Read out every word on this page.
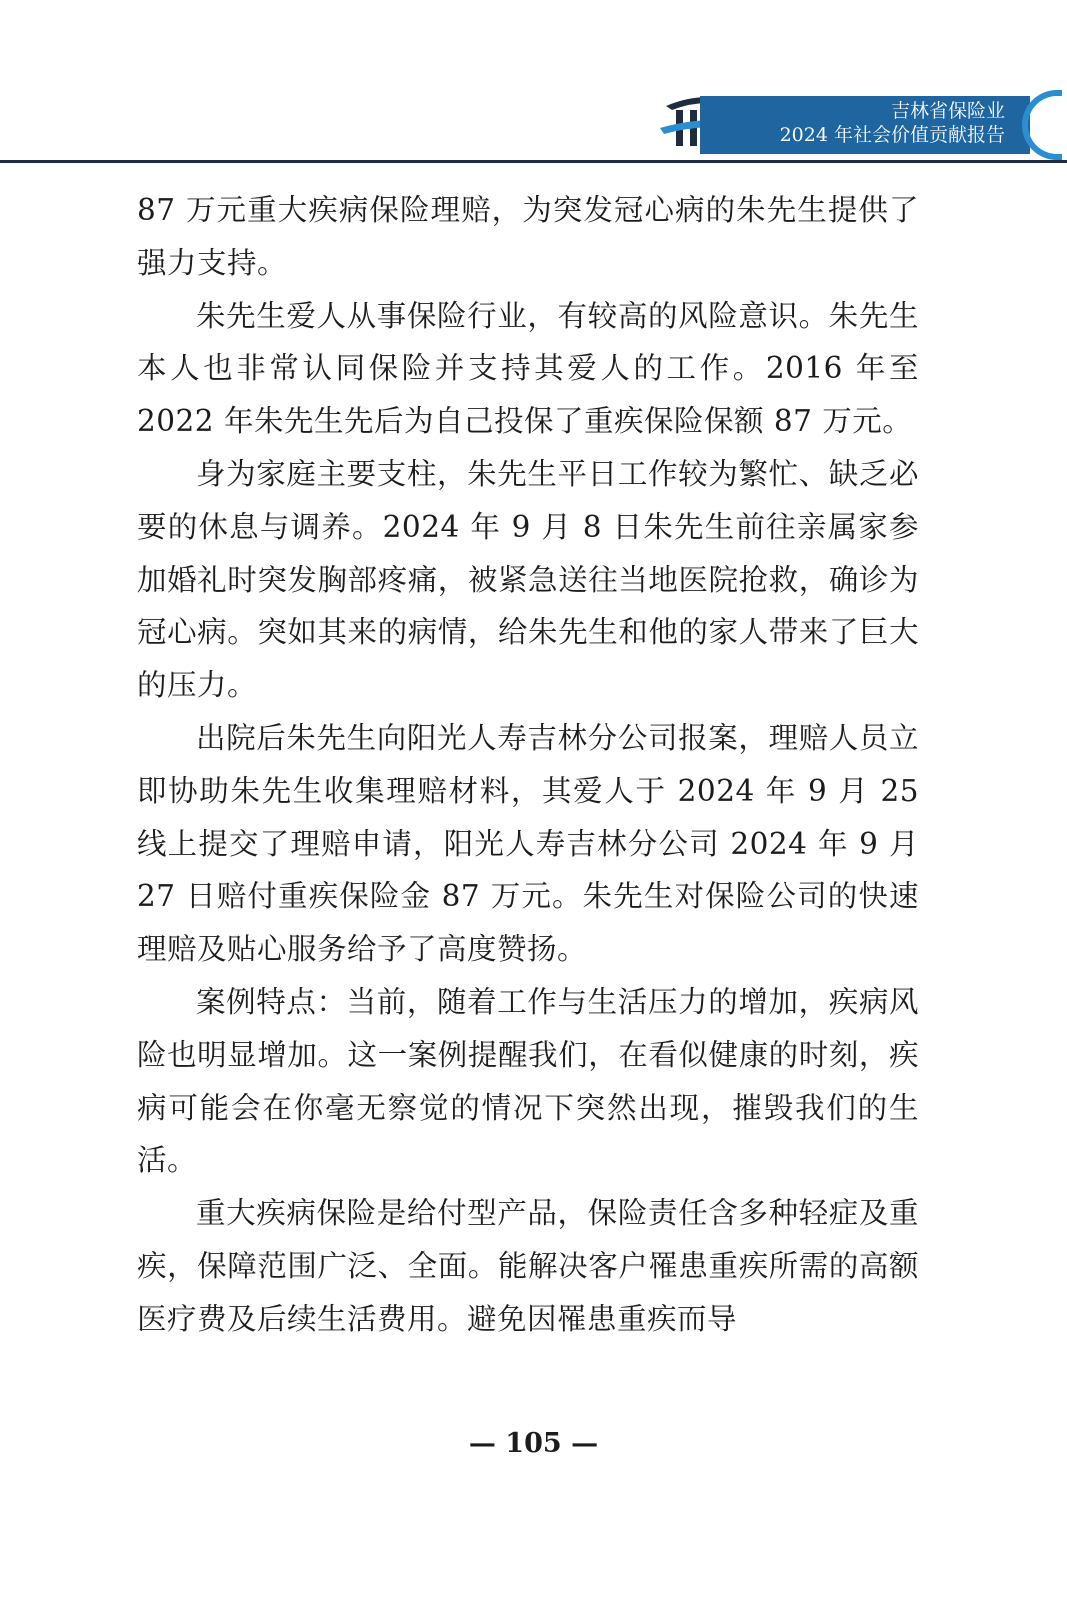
吉林省保险业
2024 年社会价值贡献报告

87 万元重大疾病保险理赔，为突发冠心病的朱先生提供了强力支持。

朱先生爱人从事保险行业，有较高的风险意识。朱先生本人也非常认同保险并支持其爱人的工作。2016 年至 2022 年朱先生先后为自己投保了重疾保险保额 87 万元。

身为家庭主要支柱，朱先生平日工作较为繁忙、缺乏必要的休息与调养。2024 年 9 月 8 日朱先生前往亲属家参加婚礼时突发胸部疼痛，被紧急送往当地医院抢救，确诊为冠心病。突如其来的病情，给朱先生和他的家人带来了巨大的压力。

出院后朱先生向阳光人寿吉林分公司报案，理赔人员立即协助朱先生收集理赔材料，其爱人于 2024 年 9 月 25 线上提交了理赔申请，阳光人寿吉林分公司 2024 年 9 月 27 日赔付重疾保险金 87 万元。朱先生对保险公司的快速理赔及贴心服务给予了高度赞扬。

案例特点：当前，随着工作与生活压力的增加，疾病风险也明显增加。这一案例提醒我们，在看似健康的时刻，疾病可能会在你毫无察觉的情况下突然出现，摧毁我们的生活。

重大疾病保险是给付型产品，保险责任含多种轻症及重疾，保障范围广泛、全面。能解决客户罹患重疾所需的高额医疗费及后续生活费用。避免因罹患重疾而导

— 105 —
